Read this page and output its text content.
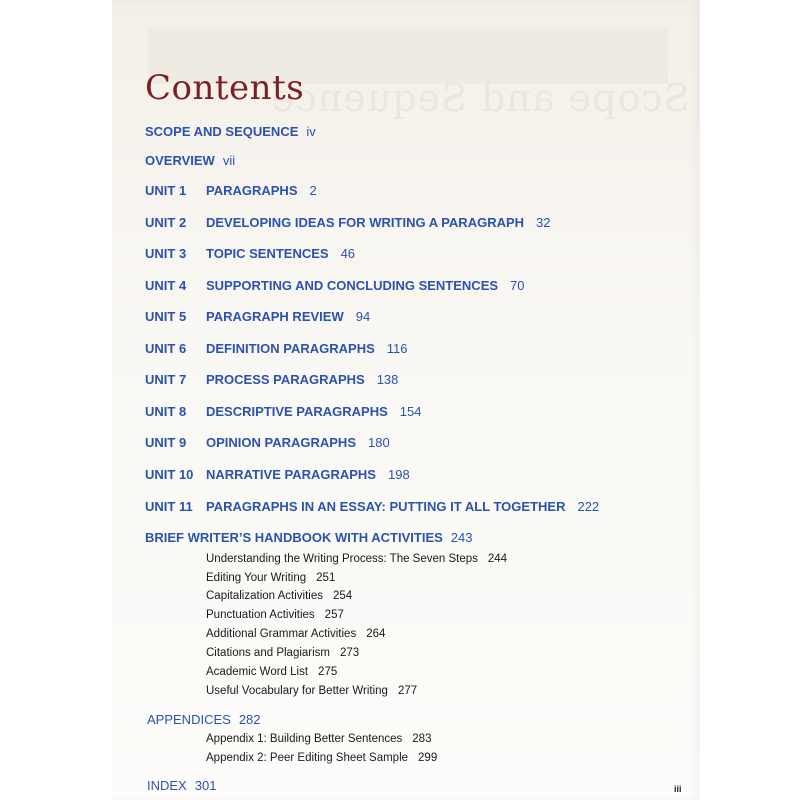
Scope and Sequence
Contents
SCOPE AND SEQUENCE iv
OVERVIEW vii
UNIT 1 PARAGRAPHS 2
UNIT 2 DEVELOPING IDEAS FOR WRITING A PARAGRAPH 32
UNIT 3 TOPIC SENTENCES 46
UNIT 4 SUPPORTING AND CONCLUDING SENTENCES 70
UNIT 5 PARAGRAPH REVIEW 94
UNIT 6 DEFINITION PARAGRAPHS 116
UNIT 7 PROCESS PARAGRAPHS 138
UNIT 8 DESCRIPTIVE PARAGRAPHS 154
UNIT 9 OPINION PARAGRAPHS 180
UNIT 10 NARRATIVE PARAGRAPHS 198
UNIT 11 PARAGRAPHS IN AN ESSAY: PUTTING IT ALL TOGETHER 222
BRIEF WRITER’S HANDBOOK WITH ACTIVITIES 243
Understanding the Writing Process: The Seven Steps 244
Editing Your Writing 251
Capitalization Activities 254
Punctuation Activities 257
Additional Grammar Activities 264
Citations and Plagiarism 273
Academic Word List 275
Useful Vocabulary for Better Writing 277
APPENDICES 282
Appendix 1: Building Better Sentences 283
Appendix 2: Peer Editing Sheet Sample 299
INDEX 301	iii
